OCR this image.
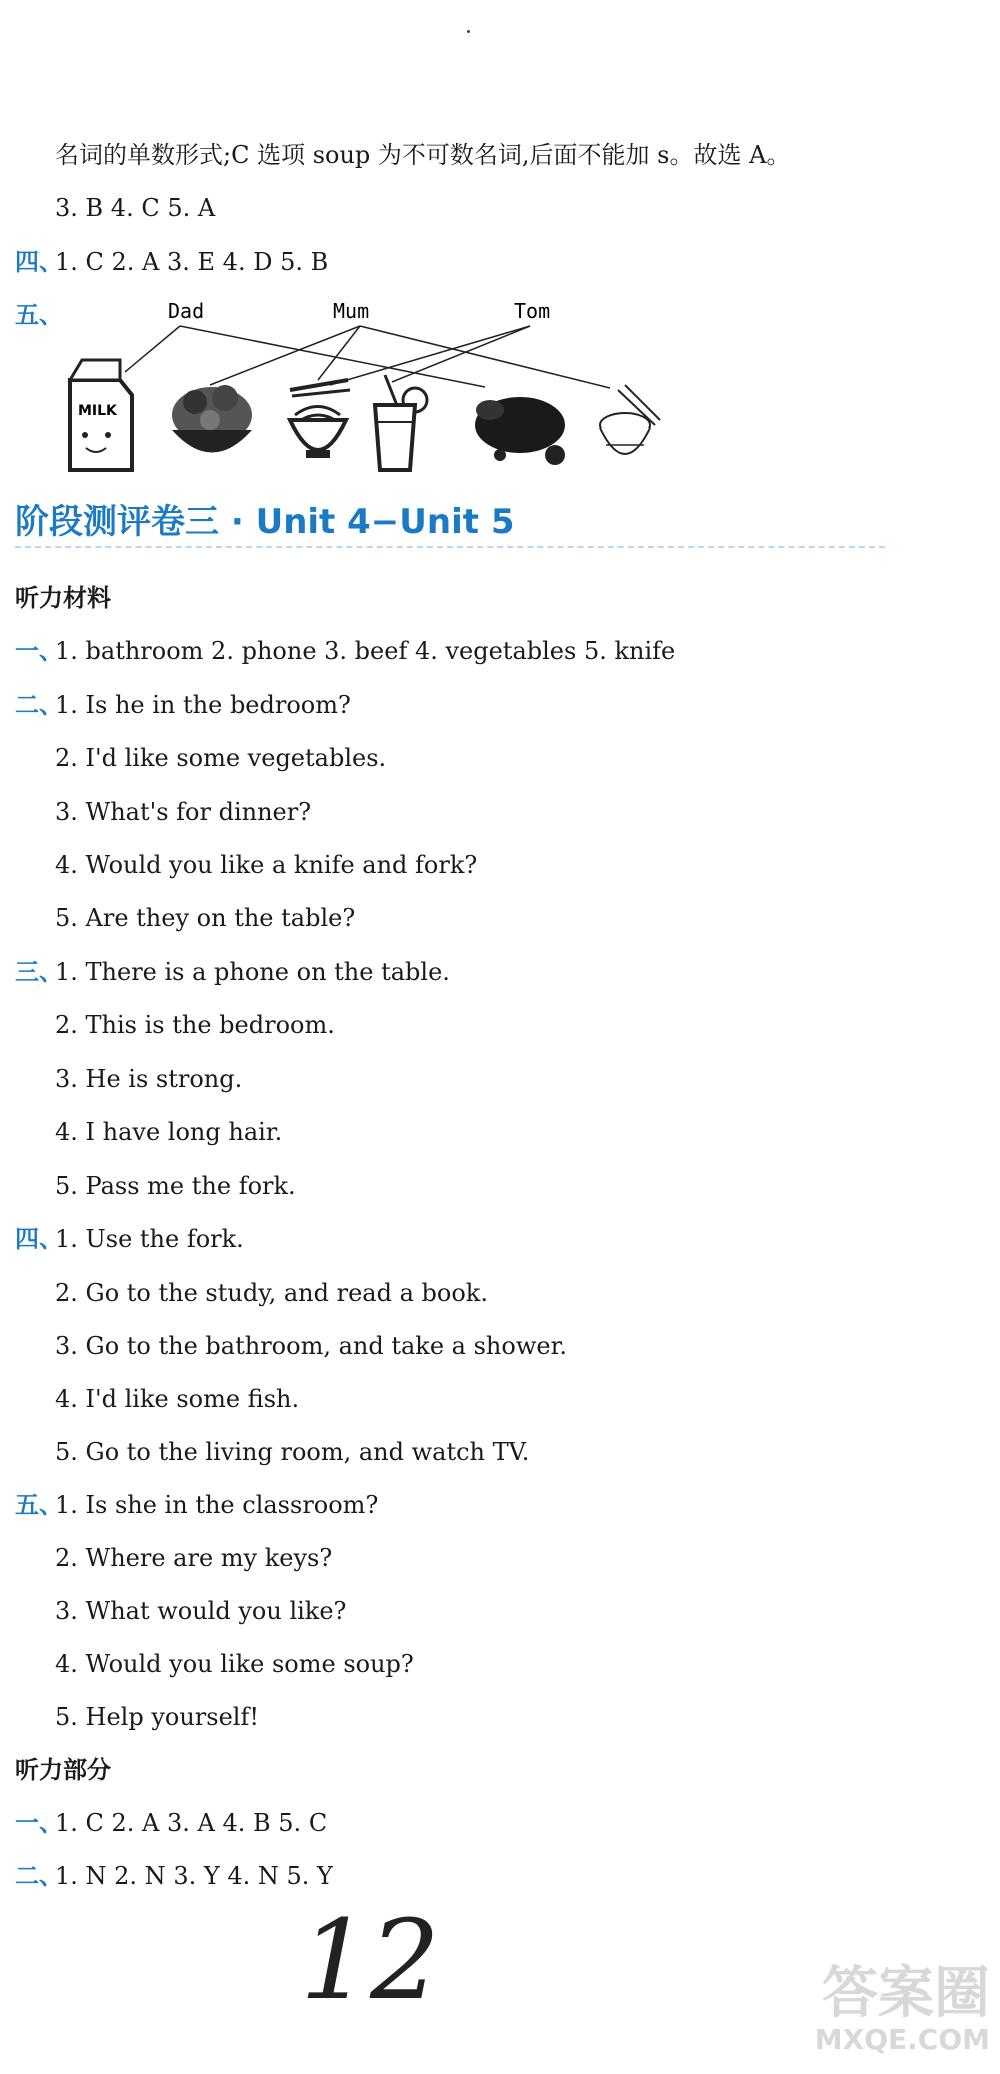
名词的单数形式;C 选项 soup 为不可数名词,后面不能加 s。故选 A。
3. B 4. C 5. A
四、
1. C 2. A 3. E 4. D 5. B
五、	Dad	Mum	Tom
MILK
阶段测评卷三 · Unit 4−Unit 5
听力材料
一、
1. bathroom 2. phone 3. beef 4. vegetables 5. knife
二、
1. Is he in the bedroom?
2. I'd like some vegetables.
3. What's for dinner?
4. Would you like a knife and fork?
5. Are they on the table?
三、
1. There is a phone on the table.
2. This is the bedroom.
3. He is strong.
4. I have long hair.
5. Pass me the fork.
四、
1. Use the fork.
2. Go to the study, and read a book.
3. Go to the bathroom, and take a shower.
4. I'd like some fish.
5. Go to the living room, and watch TV.
五、
1. Is she in the classroom?
2. Where are my keys?
3. What would you like?
4. Would you like some soup?
5. Help yourself!
听力部分
一、
1. C 2. A 3. A 4. B 5. C
二、
1. N 2. N 3. Y 4. N 5. Y
12	答案圈
MXQE.COM
